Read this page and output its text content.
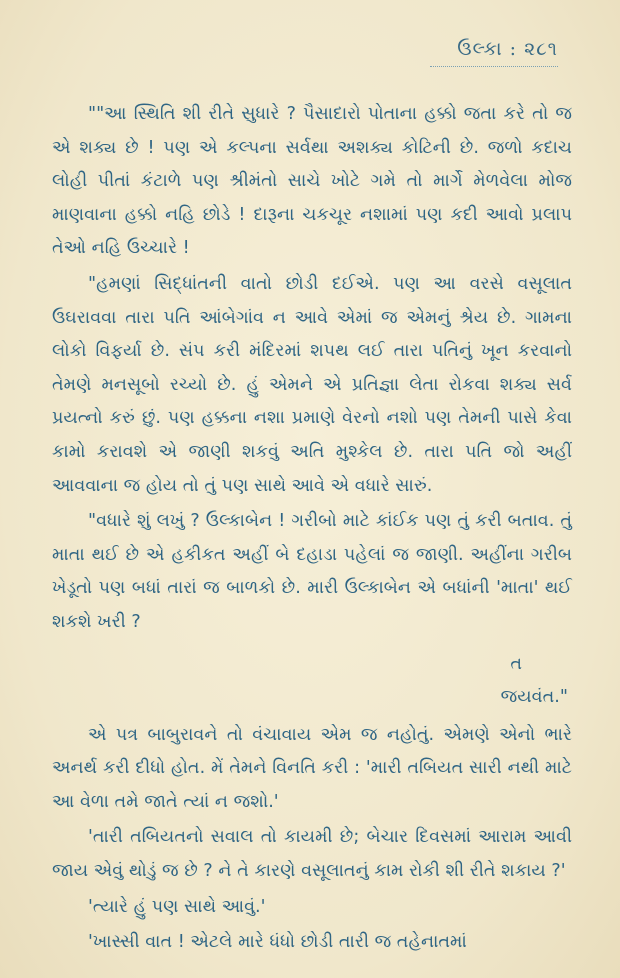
ઉલ્કા : ૨૮૧

""આ સ્થિતિ શી રીતે સુધારે ? પૈસાદારો પોતાના હક્કો જતા કરે તો જ એ શક્ય છે ! પણ એ કલ્પના સર્વથા અશક્ય કોટિની છે. જળો કદાચ લોહી પીતાં કંટાળે પણ શ્રીમંતો સાચે ખોટે ગમે તો માર્ગે મેળવેલા મોજ માણવાના હક્કો નહિ છોડે ! દારૂના ચકચૂર નશામાં પણ કદી આવો પ્રલાપ તેઓ નહિ ઉચ્ચારે !

"હમણાં સિદ્ધાંતની વાતો છોડી દઈએ. પણ આ વરસે વસૂલાત ઉઘરાવવા તારા પતિ આંબેગાંવ ન આવે એમાં જ એમનું શ્રેય છે. ગામના લોકો વિફર્યા છે. સંપ કરી મંદિરમાં શપથ લઈ તારા પતિનું ખૂન કરવાનો તેમણે મનસૂબો રચ્યો છે. હું એમને એ પ્રતિજ્ઞા લેતા રોકવા શક્ય સર્વ પ્રયત્નો કરું છું. પણ હક્કના નશા પ્રમાણે વેરનો નશો પણ તેમની પાસે કેવા કામો કરાવશે એ જાણી શકવું અતિ મુશ્કેલ છે. તારા પતિ જો અહીં આવવાના જ હોય તો તું પણ સાથે આવે એ વધારે સારું.

"વધારે શું લખું ? ઉલ્કાબેન ! ગરીબો માટે કાંઈક પણ તું કરી બતાવ. તું માતા થઈ છે એ હકીકત અહીં બે દહાડા પહેલાં જ જાણી. અહીંના ગરીબ ખેડૂતો પણ બધાં તારાં જ બાળકો છે. મારી ઉલ્કાબેન એ બધાંની 'માતા' થઈ શકશે ખરી ?

ત

જયવંત."

એ પત્ર બાબુરાવને તો વંચાવાય એમ જ નહોતું. એમણે એનો ભારે અનર્થ કરી દીધો હોત. મેં તેમને વિનતિ કરી : 'મારી તબિયત સારી નથી માટે આ વેળા તમે જાતે ત્યાં ન જશો.'

'તારી તબિયતનો સવાલ તો કાયમી છે; બેચાર દિવસમાં આરામ આવી જાય એવું થોડું જ છે ? ને તે કારણે વસૂલાતનું કામ રોકી શી રીતે શકાય ?'

'ત્યારે હું પણ સાથે આવું.'

'ખાસ્સી વાત ! એટલે મારે ધંધો છોડી તારી જ તહેનાતમાં
